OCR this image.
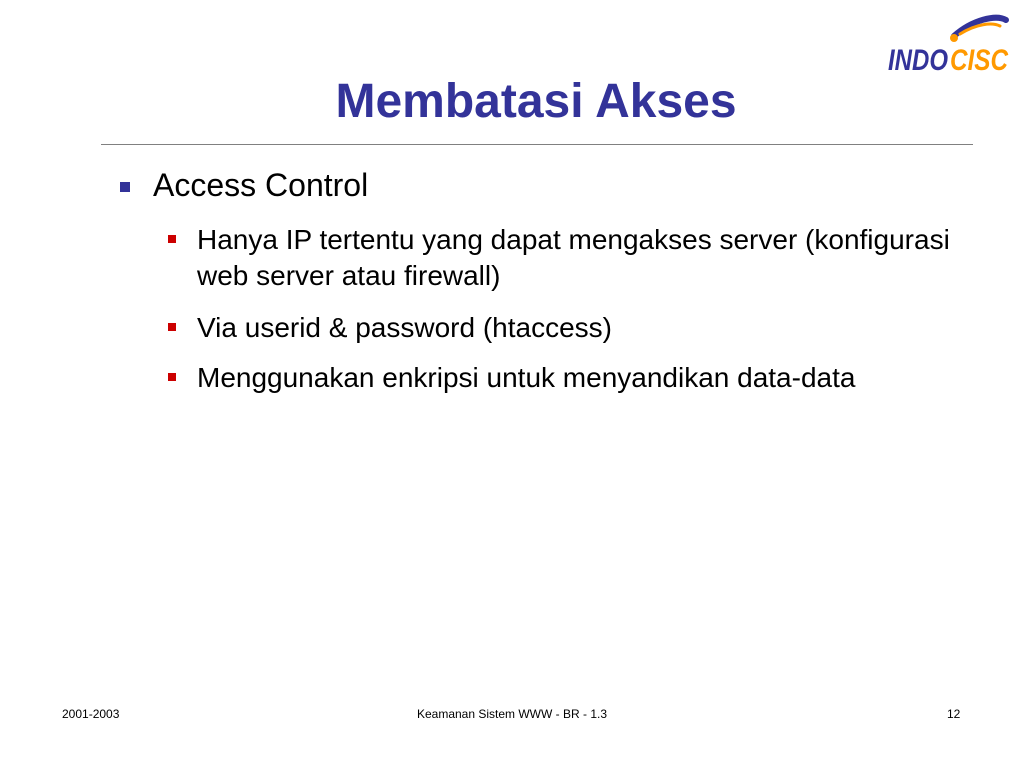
INDO CISC
Membatasi Akses
Access Control
Hanya IP tertentu yang dapat mengakses server (konfigurasi web server atau firewall)
Via userid & password (htaccess)
Menggunakan enkripsi untuk menyandikan data-data
2001-2003	Keamanan Sistem WWW - BR - 1.3	12
